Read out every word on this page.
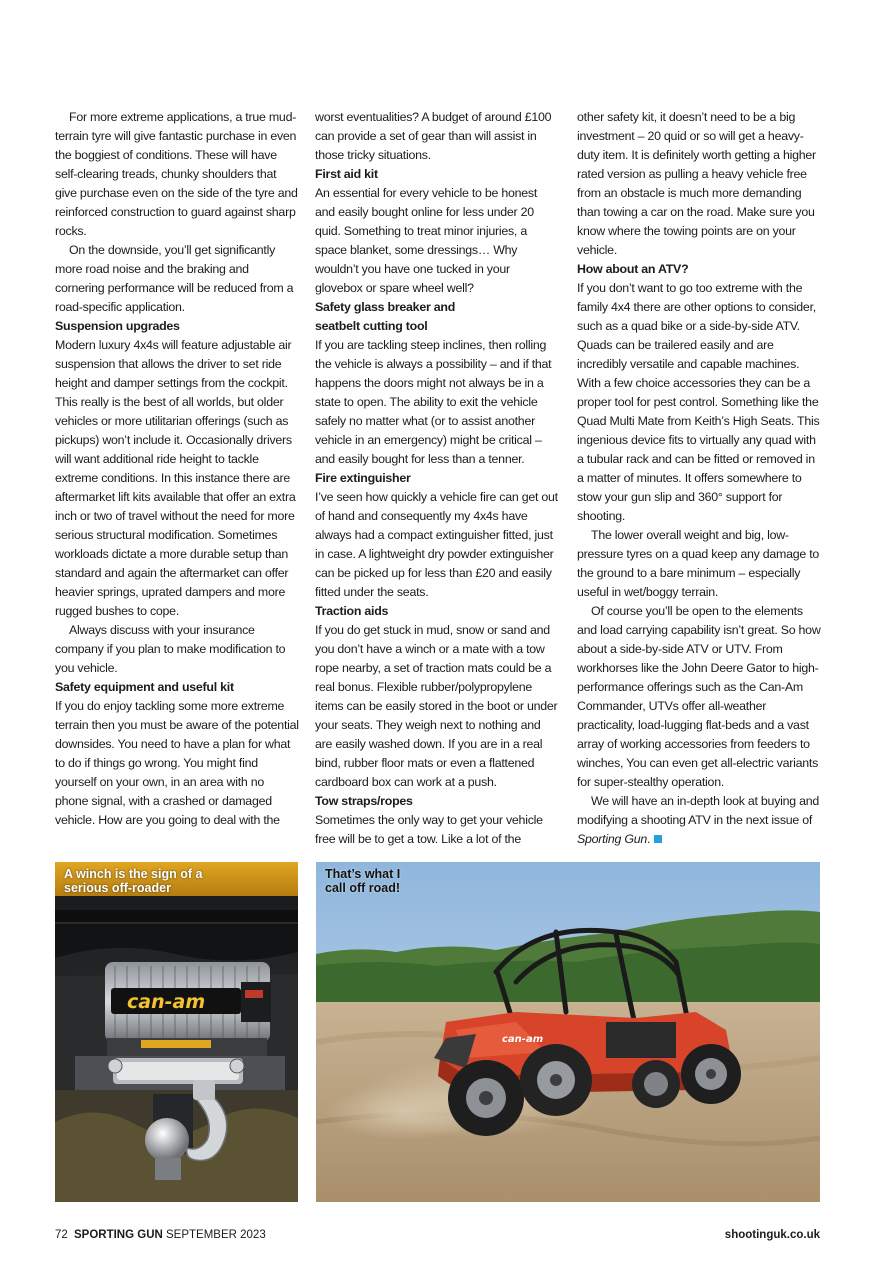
For more extreme applications, a true mud-terrain tyre will give fantastic purchase in even the boggiest of conditions. These will have self-clearing treads, chunky shoulders that give purchase even on the side of the tyre and reinforced construction to guard against sharp rocks.

On the downside, you’ll get significantly more road noise and the braking and cornering performance will be reduced from a road-specific application.

Suspension upgrades

Modern luxury 4x4s will feature adjustable air suspension that allows the driver to set ride height and damper settings from the cockpit. This really is the best of all worlds, but older vehicles or more utilitarian offerings (such as pickups) won’t include it. Occasionally drivers will want additional ride height to tackle extreme conditions. In this instance there are aftermarket lift kits available that offer an extra inch or two of travel without the need for more serious structural modification. Sometimes workloads dictate a more durable setup than standard and again the aftermarket can offer heavier springs, uprated dampers and more rugged bushes to cope.

Always discuss with your insurance company if you plan to make modification to you vehicle.

Safety equipment and useful kit

If you do enjoy tackling some more extreme terrain then you must be aware of the potential downsides. You need to have a plan for what to do if things go wrong. You might find yourself on your own, in an area with no phone signal, with a crashed or damaged vehicle. How are you going to deal with the

worst eventualities? A budget of around £100 can provide a set of gear than will assist in those tricky situations.

First aid kit

An essential for every vehicle to be honest and easily bought online for less under 20 quid. Something to treat minor injuries, a space blanket, some dressings… Why wouldn’t you have one tucked in your glovebox or spare wheel well?

Safety glass breaker and
seatbelt cutting tool

If you are tackling steep inclines, then rolling the vehicle is always a possibility – and if that happens the doors might not always be in a state to open. The ability to exit the vehicle safely no matter what (or to assist another vehicle in an emergency) might be critical – and easily bought for less than a tenner.

Fire extinguisher

I’ve seen how quickly a vehicle fire can get out of hand and consequently my 4x4s have always had a compact extinguisher fitted, just in case. A lightweight dry powder extinguisher can be picked up for less than £20 and easily fitted under the seats.

Traction aids

If you do get stuck in mud, snow or sand and you don’t have a winch or a mate with a tow rope nearby, a set of traction mats could be a real bonus. Flexible rubber/polypropylene items can be easily stored in the boot or under your seats. They weigh next to nothing and are easily washed down. If you are in a real bind, rubber floor mats or even a flattened cardboard box can work at a push.

Tow straps/ropes

Sometimes the only way to get your vehicle free will be to get a tow. Like a lot of the

other safety kit, it doesn’t need to be a big investment – 20 quid or so will get a heavy-duty item. It is definitely worth getting a higher rated version as pulling a heavy vehicle free from an obstacle is much more demanding than towing a car on the road. Make sure you know where the towing points are on your vehicle.

How about an ATV?

If you don’t want to go too extreme with the family 4x4 there are other options to consider, such as a quad bike or a side-by-side ATV. Quads can be trailered easily and are incredibly versatile and capable machines. With a few choice accessories they can be a proper tool for pest control. Something like the Quad Multi Mate from Keith’s High Seats. This ingenious device fits to virtually any quad with a tubular rack and can be fitted or removed in a matter of minutes. It offers somewhere to stow your gun slip and 360° support for shooting.

The lower overall weight and big, low-pressure tyres on a quad keep any damage to the ground to a bare minimum – especially useful in wet/boggy terrain.

Of course you’ll be open to the elements and load carrying capability isn’t great. So how about a side-by-side ATV or UTV. From workhorses like the John Deere Gator to high-performance offerings such as the Can-Am Commander, UTVs offer all-weather practicality, load-lugging flat-beds and a vast array of working accessories from feeders to winches, You can even get all-electric variants for super-stealthy operation.

We will have an in-depth look at buying and modifying a shooting ATV in the next issue of Sporting Gun.

A winch is the sign of a
serious off-roader
can-am
That’s what I
call off road!
can-am
72 SPORTING GUN SEPTEMBER 2023	shootinguk.co.uk
